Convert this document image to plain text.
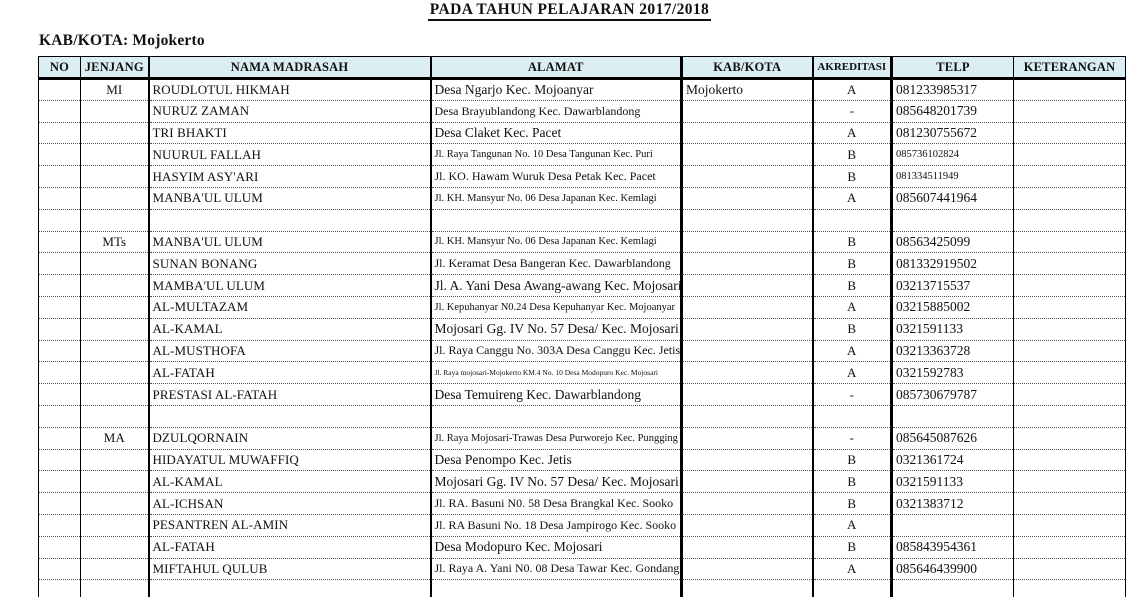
PADA TAHUN PELAJARAN 2017/2018
KAB/KOTA: Mojokerto
NO	JENJANG	NAMA MADRASAH	ALAMAT	KAB/KOTA	AKREDITASI	TELP	KETERANGAN
	MI	ROUDLOTUL HIKMAH	Desa Ngarjo Kec. Mojoanyar	Mojokerto	A	081233985317	
		NURUZ ZAMAN	Desa Brayublandong Kec. Dawarblandong		-	085648201739	
		TRI BHAKTI	Desa Claket Kec. Pacet		A	081230755672	
		NUURUL FALLAH	Jl. Raya Tangunan No. 10 Desa Tangunan Kec. Puri		B	085736102824	
		HASYIM ASY'ARI	Jl. KO. Hawam Wuruk Desa Petak Kec. Pacet		B	081334511949	
		MANBA'UL ULUM	Jl. KH. Mansyur No. 06 Desa Japanan Kec. Kemlagi		A	085607441964	

	MTs	MANBA'UL ULUM	Jl. KH. Mansyur No. 06 Desa Japanan Kec. Kemlagi		B	08563425099	
		SUNAN BONANG	Jl. Keramat Desa Bangeran Kec. Dawarblandong		B	081332919502	
		MAMBA'UL ULUM	Jl. A. Yani Desa Awang-awang Kec. Mojosari		B	03213715537	
		AL-MULTAZAM	Jl. Kepuhanyar N0.24 Desa Kepuhanyar Kec. Mojoanyar		A	03215885002	
		AL-KAMAL	Mojosari Gg. IV No. 57 Desa/ Kec. Mojosari		B	0321591133	
		AL-MUSTHOFA	Jl. Raya Canggu No. 303A Desa Canggu Kec. Jetis		A	03213363728	
		AL-FATAH	Jl. Raya mojosari-Mojokerto KM.4 No. 10 Desa Modopuro Kec. Mojosari		A	0321592783	
		PRESTASI AL-FATAH	Desa Temuireng Kec. Dawarblandong		-	085730679787	

	MA	DZULQORNAIN	Jl. Raya Mojosari-Trawas Desa Purworejo Kec. Pungging		-	085645087626	
		HIDAYATUL MUWAFFIQ	Desa Penompo Kec. Jetis		B	0321361724	
		AL-KAMAL	Mojosari Gg. IV No. 57 Desa/ Kec. Mojosari		B	0321591133	
		AL-ICHSAN	Jl. RA. Basuni N0. 58 Desa Brangkal Kec. Sooko		B	0321383712	
		PESANTREN AL-AMIN	Jl. RA Basuni No. 18 Desa Jampirogo Kec. Sooko		A		
		AL-FATAH	Desa Modopuro Kec. Mojosari		B	085843954361	
		MIFTAHUL QULUB	Jl. Raya A. Yani N0. 08 Desa Tawar Kec. Gondang		A	085646439900	
